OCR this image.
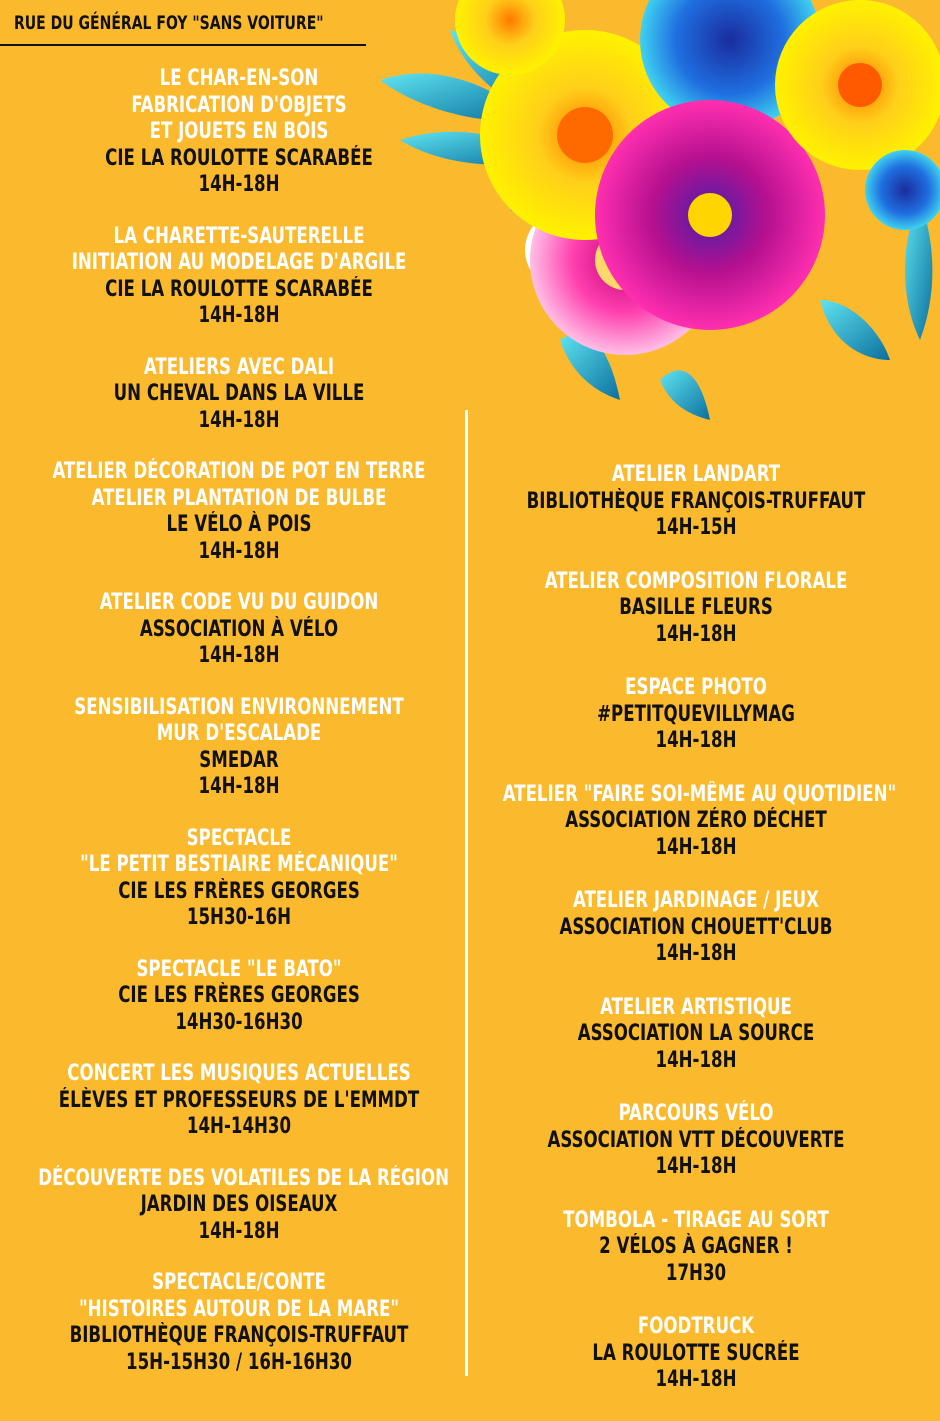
RUE DU GÉNÉRAL FOY "SANS VOITURE"
LE CHAR-EN-SON
FABRICATION D'OBJETS
ET JOUETS EN BOIS
CIE LA ROULOTTE SCARABÉE
14H-18H
LA CHARETTE-SAUTERELLE
INITIATION AU MODELAGE D'ARGILE
CIE LA ROULOTTE SCARABÉE
14H-18H
ATELIERS AVEC DALI
UN CHEVAL DANS LA VILLE
14H-18H
ATELIER DÉCORATION DE POT EN TERRE
ATELIER PLANTATION DE BULBE
LE VÉLO À POIS
14H-18H
ATELIER CODE VU DU GUIDON
ASSOCIATION À VÉLO
14H-18H
SENSIBILISATION ENVIRONNEMENT
MUR D'ESCALADE
SMEDAR
14H-18H
SPECTACLE
"LE PETIT BESTIAIRE MÉCANIQUE"
CIE LES FRÈRES GEORGES
15H30-16H
SPECTACLE "LE BATO"
CIE LES FRÈRES GEORGES
14H30-16H30
CONCERT LES MUSIQUES ACTUELLES
ÉLÈVES ET PROFESSEURS DE L'EMMDT
14H-14H30
DÉCOUVERTE DES VOLATILES DE LA RÉGION
JARDIN DES OISEAUX
14H-18H
SPECTACLE/CONTE
"HISTOIRES AUTOUR DE LA MARE"
BIBLIOTHÈQUE FRANÇOIS-TRUFFAUT
15H-15H30 / 16H-16H30
ATELIER LANDART
BIBLIOTHÈQUE FRANÇOIS-TRUFFAUT
14H-15H
ATELIER COMPOSITION FLORALE
BASILLE FLEURS
14H-18H
ESPACE PHOTO
#PETITQUEVILLYMAG
14H-18H
ATELIER "FAIRE SOI-MÊME AU QUOTIDIEN"
ASSOCIATION ZÉRO DÉCHET
14H-18H
ATELIER JARDINAGE / JEUX
ASSOCIATION CHOUETT'CLUB
14H-18H
ATELIER ARTISTIQUE
ASSOCIATION LA SOURCE
14H-18H
PARCOURS VÉLO
ASSOCIATION VTT DÉCOUVERTE
14H-18H
TOMBOLA - TIRAGE AU SORT
2 VÉLOS À GAGNER !
17H30
FOODTRUCK
LA ROULOTTE SUCRÉE
14H-18H
